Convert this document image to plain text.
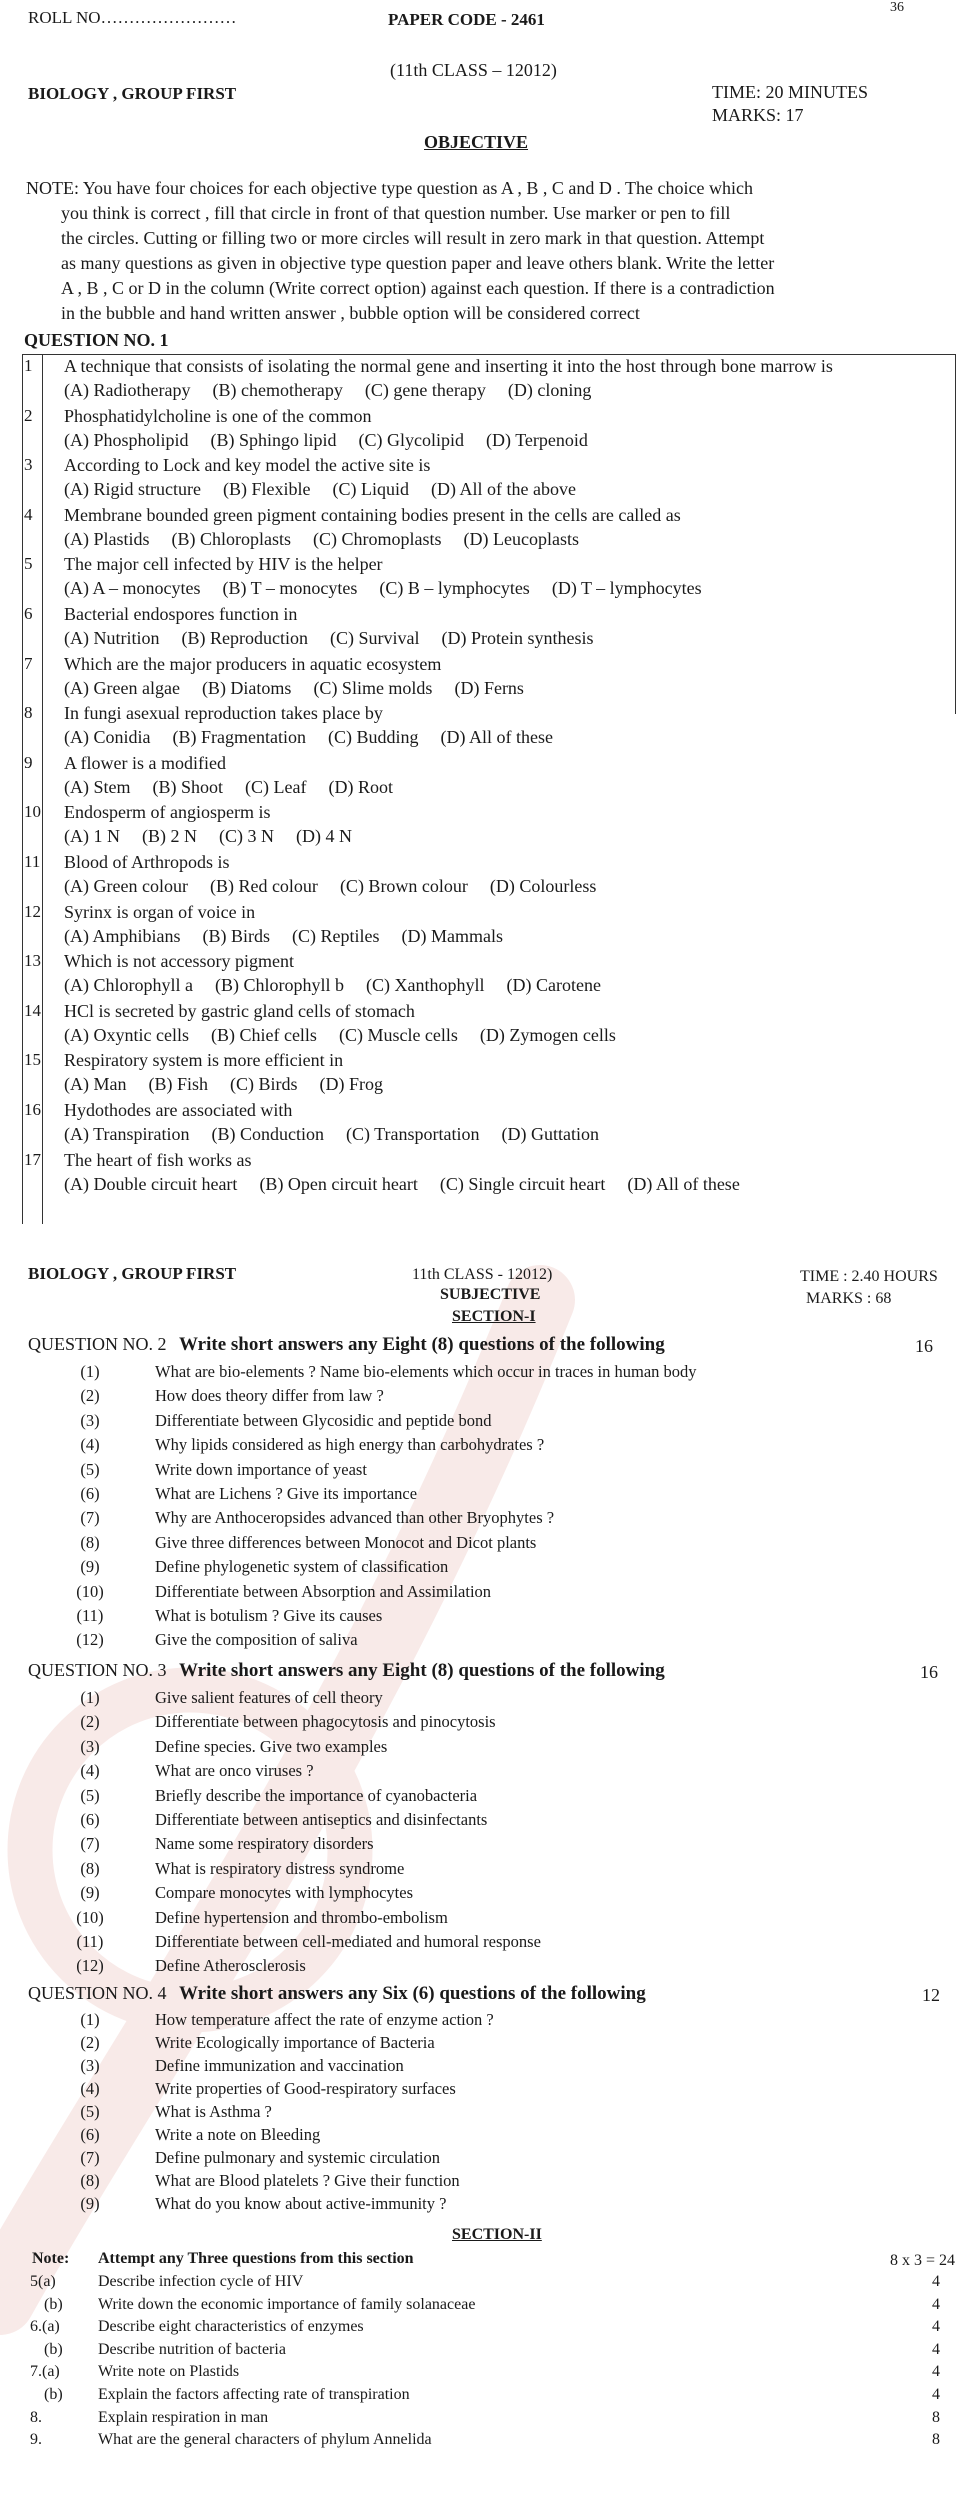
ROLL NO……………………	PAPER CODE - 2461
36
(11th CLASS – 12012)
BIOLOGY , GROUP FIRST	TIME: 20 MINUTES
MARKS: 17
OBJECTIVE
NOTE: You have four choices for each objective type question as A , B , C and D . The choice which
you think is correct , fill that circle in front of that question number. Use marker or pen to fill
the circles. Cutting or filling two or more circles will result in zero mark in that question. Attempt
as many questions as given in objective type question paper and leave others blank. Write the letter
A , B , C or D in the column (Write correct option) against each question. If there is a contradiction
in the bubble and hand written answer , bubble option will be considered correct
QUESTION NO. 1
1 A technique that consists of isolating the normal gene and inserting it into the host through bone marrow is
(A) Radiotherapy (B) chemotherapy (C) gene therapy (D) cloning
2 Phosphatidylcholine is one of the common
(A) Phospholipid (B) Sphingo lipid (C) Glycolipid (D) Terpenoid
3 According to Lock and key model the active site is
(A) Rigid structure (B) Flexible (C) Liquid (D) All of the above
4 Membrane bounded green pigment containing bodies present in the cells are called as
(A) Plastids (B) Chloroplasts (C) Chromoplasts (D) Leucoplasts
5 The major cell infected by HIV is the helper
(A) A – monocytes (B) T – monocytes (C) B – lymphocytes (D) T – lymphocytes
6 Bacterial endospores function in
(A) Nutrition (B) Reproduction (C) Survival (D) Protein synthesis
7 Which are the major producers in aquatic ecosystem
(A) Green algae (B) Diatoms (C) Slime molds (D) Ferns
8 In fungi asexual reproduction takes place by
(A) Conidia (B) Fragmentation (C) Budding (D) All of these
9 A flower is a modified
(A) Stem (B) Shoot (C) Leaf (D) Root
10 Endosperm of angiosperm is
(A) 1 N (B) 2 N (C) 3 N (D) 4 N
11 Blood of Arthropods is
(A) Green colour (B) Red colour (C) Brown colour (D) Colourless
12 Syrinx is organ of voice in
(A) Amphibians (B) Birds (C) Reptiles (D) Mammals
13 Which is not accessory pigment
(A) Chlorophyll a (B) Chlorophyll b (C) Xanthophyll (D) Carotene
14 HCl is secreted by gastric gland cells of stomach
(A) Oxyntic cells (B) Chief cells (C) Muscle cells (D) Zymogen cells
15 Respiratory system is more efficient in
(A) Man (B) Fish (C) Birds (D) Frog
16 Hydothodes are associated with
(A) Transpiration (B) Conduction (C) Transportation (D) Guttation
17 The heart of fish works as
(A) Double circuit heart (B) Open circuit heart (C) Single circuit heart (D) All of these
BIOLOGY , GROUP FIRST	11th CLASS - 12012)
SUBJECTIVE
SECTION-I
TIME : 2.40 HOURS
MARKS : 68
QUESTION NO. 2 Write short answers any Eight (8) questions of the following	16
(1)	What are bio-elements ? Name bio-elements which occur in traces in human body
(2)	How does theory differ from law ?
(3)	Differentiate between Glycosidic and peptide bond
(4)	Why lipids considered as high energy than carbohydrates ?
(5)	Write down importance of yeast
(6)	What are Lichens ? Give its importance
(7)	Why are Anthoceropsides advanced than other Bryophytes ?
(8)	Give three differences between Monocot and Dicot plants
(9)	Define phylogenetic system of classification
(10)	Differentiate between Absorption and Assimilation
(11)	What is botulism ? Give its causes
(12)	Give the composition of saliva
QUESTION NO. 3 Write short answers any Eight (8) questions of the following	16
(1)	Give salient features of cell theory
(2)	Differentiate between phagocytosis and pinocytosis
(3)	Define species. Give two examples
(4)	What are onco viruses ?
(5)	Briefly describe the importance of cyanobacteria
(6)	Differentiate between antiseptics and disinfectants
(7)	Name some respiratory disorders
(8)	What is respiratory distress syndrome
(9)	Compare monocytes with lymphocytes
(10)	Define hypertension and thrombo-embolism
(11)	Differentiate between cell-mediated and humoral response
(12)	Define Atherosclerosis
QUESTION NO. 4 Write short answers any Six (6) questions of the following	12
(1)	How temperature affect the rate of enzyme action ?
(2)	Write Ecologically importance of Bacteria
(3)	Define immunization and vaccination
(4)	Write properties of Good-respiratory surfaces
(5)	What is Asthma ?
(6)	Write a note on Bleeding
(7)	Define pulmonary and systemic circulation
(8)	What are Blood platelets ? Give their function
(9)	What do you know about active-immunity ?
SECTION-II
Note: Attempt any Three questions from this section	8 x 3 = 24
5(a)	Describe infection cycle of HIV	4
(b) Write down the economic importance of family solanaceae	4
6.(a) Describe eight characteristics of enzymes	4
(b) Describe nutrition of bacteria	4
7.(a) Write note on Plastids	4
(b) Explain the factors affecting rate of transpiration	4
8.	Explain respiration in man	8
9.	What are the general characters of phylum Annelida	8
